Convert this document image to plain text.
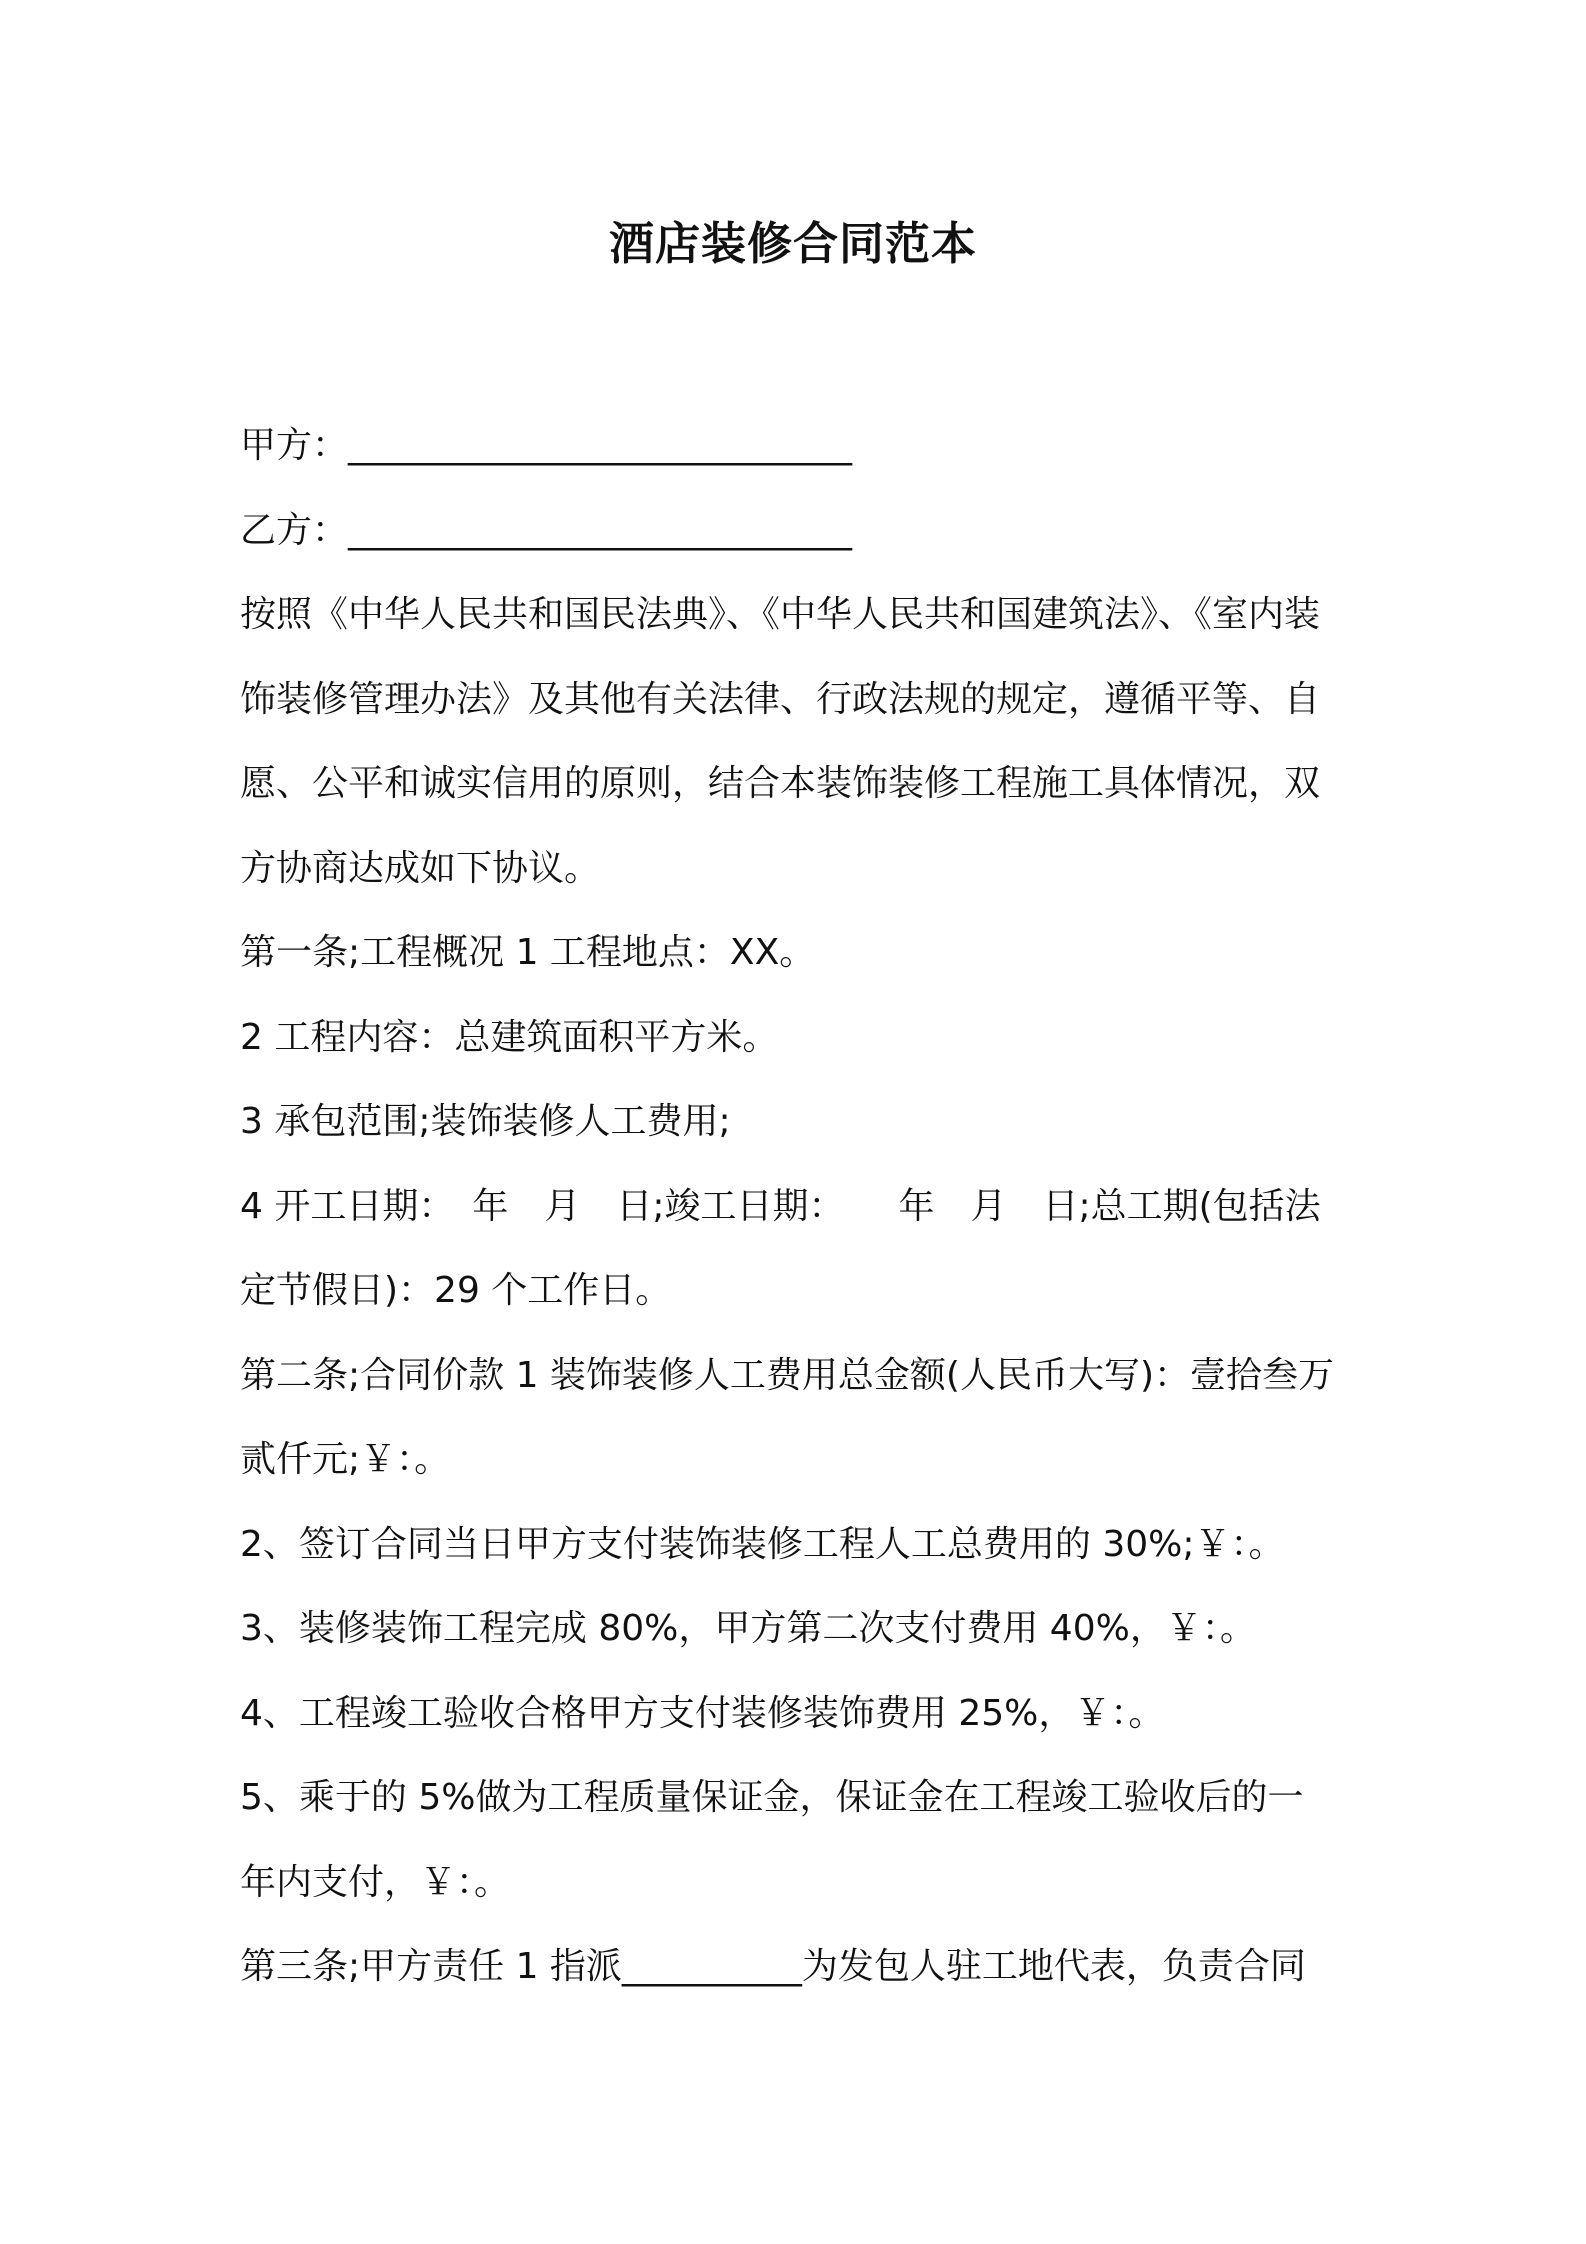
酒店装修合同范本

甲方：____________________________

乙方：____________________________

按照《中华人民共和国民法典》、《中华人民共和国建筑法》、《室内装

饰装修管理办法》及其他有关法律、行政法规的规定，遵循平等、自

愿、公平和诚实信用的原则，结合本装饰装修工程施工具体情况，双

方协商达成如下协议。

第一条;工程概况 1 工程地点：XX。

2 工程内容：总建筑面积平方米。

3 承包范围;装饰装修人工费用;

4 开工日期：　年　月　日;竣工日期：　　年　月　日;总工期(包括法

定节假日)：29 个工作日。

第二条;合同价款 1 装饰装修人工费用总金额(人民币大写)：壹拾叁万

贰仟元;￥：。

2、签订合同当日甲方支付装饰装修工程人工总费用的 30%;￥：。

3、装修装饰工程完成 80%，甲方第二次支付费用 40%，￥：。

4、工程竣工验收合格甲方支付装修装饰费用 25%，￥：。

5、乘于的 5%做为工程质量保证金，保证金在工程竣工验收后的一

年内支付，￥：。

第三条;甲方责任 1 指派__________为发包人驻工地代表，负责合同
